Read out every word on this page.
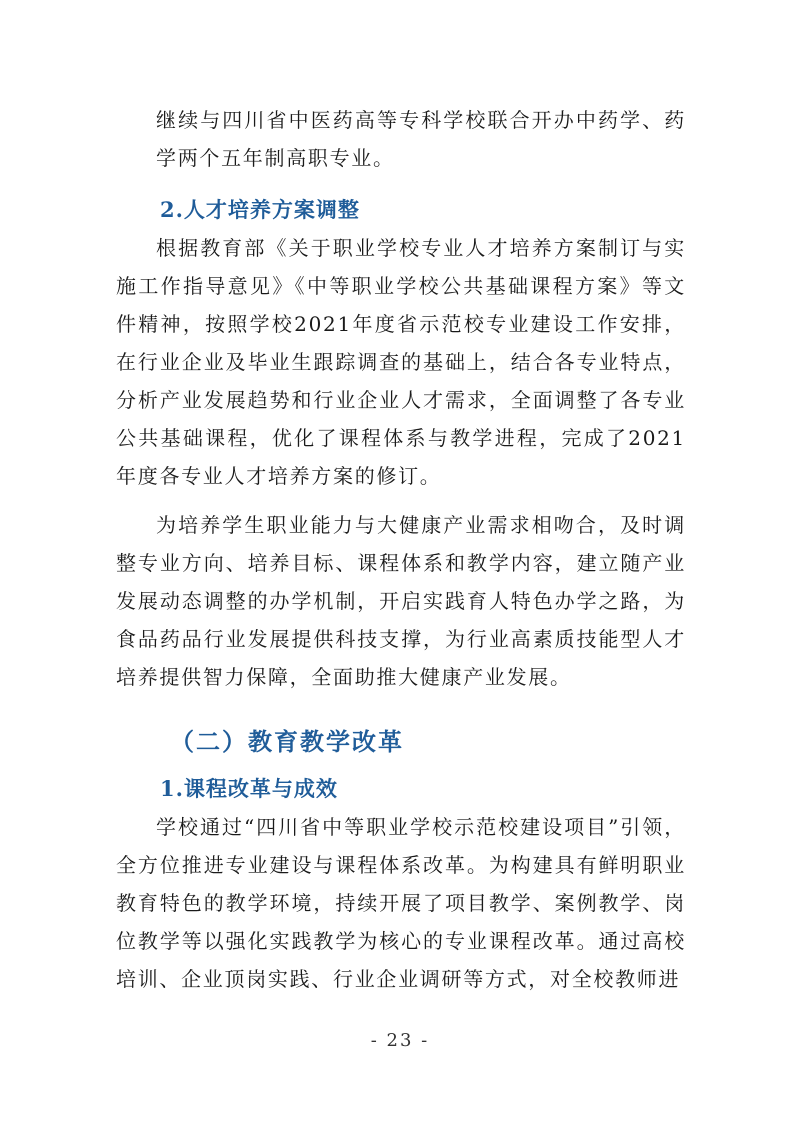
继续与四川省中医药高等专科学校联合开办中药学、药学两个五年制高职专业。

2.人才培养方案调整

根据教育部《关于职业学校专业人才培养方案制订与实施工作指导意见》《中等职业学校公共基础课程方案》等文件精神，按照学校2021年度省示范校专业建设工作安排，在行业企业及毕业生跟踪调查的基础上，结合各专业特点，分析产业发展趋势和行业企业人才需求，全面调整了各专业公共基础课程，优化了课程体系与教学进程，完成了2021年度各专业人才培养方案的修订。

为培养学生职业能力与大健康产业需求相吻合，及时调整专业方向、培养目标、课程体系和教学内容，建立随产业发展动态调整的办学机制，开启实践育人特色办学之路，为食品药品行业发展提供科技支撑，为行业高素质技能型人才培养提供智力保障，全面助推大健康产业发展。

（二）教育教学改革
1.课程改革与成效

学校通过“四川省中等职业学校示范校建设项目”引领，全方位推进专业建设与课程体系改革。为构建具有鲜明职业教育特色的教学环境，持续开展了项目教学、案例教学、岗位教学等以强化实践教学为核心的专业课程改革。通过高校培训、企业顶岗实践、行业企业调研等方式，对全校教师进

- 23 -
